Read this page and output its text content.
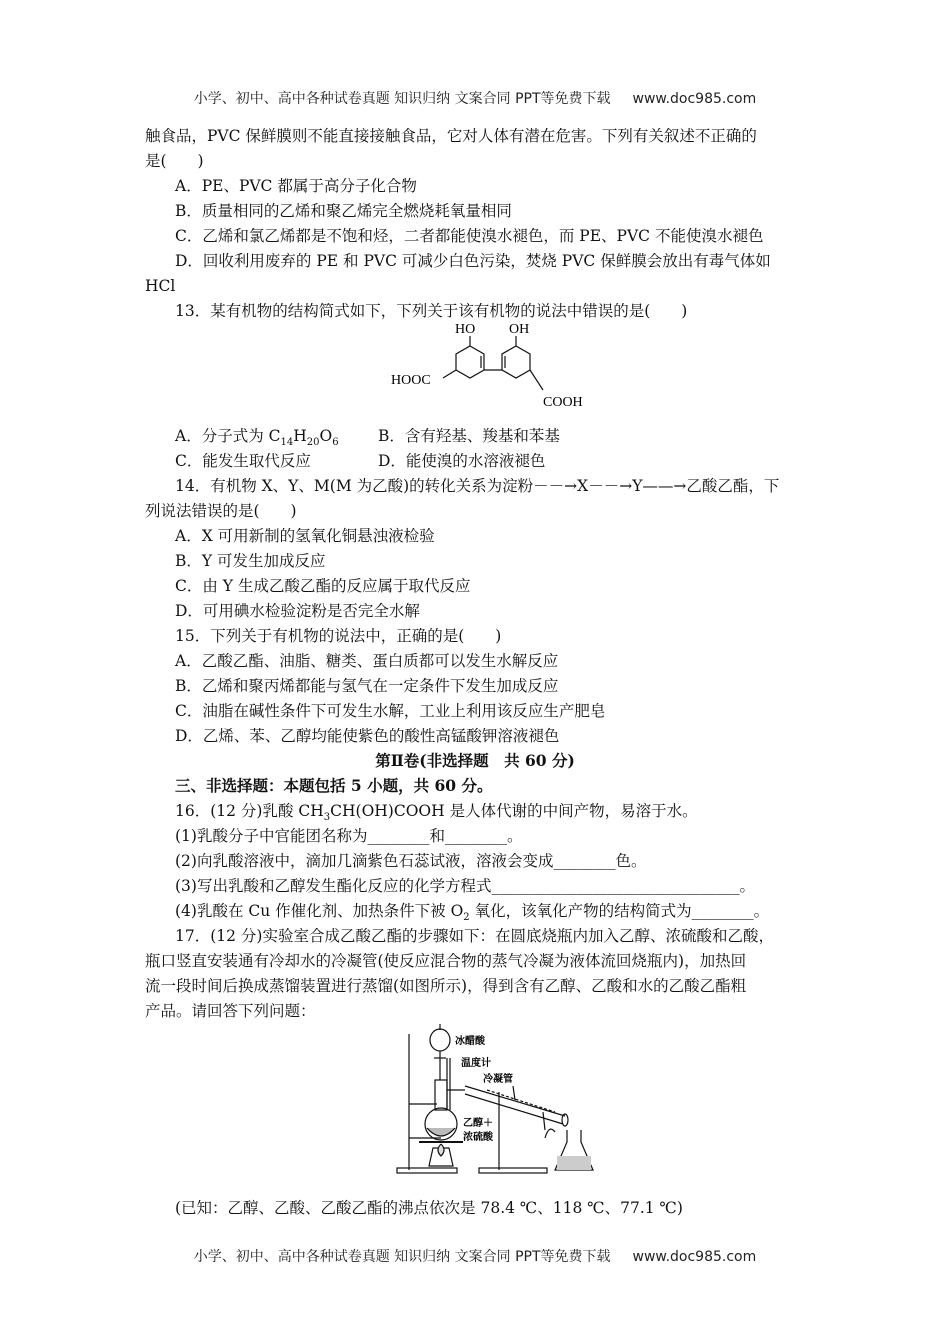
小学、初中、高中各种试卷真题 知识归纳 文案合同 PPT等免费下载 www.doc985.com
触食品，PVC 保鲜膜则不能直接接触食品，它对人体有潜在危害。下列有关叙述不正确的
是(　　)
A．PE、PVC 都属于高分子化合物
B．质量相同的乙烯和聚乙烯完全燃烧耗氧量相同
C．乙烯和氯乙烯都是不饱和烃，二者都能使溴水褪色，而 PE、PVC 不能使溴水褪色
D．回收利用废弃的 PE 和 PVC 可减少白色污染，焚烧 PVC 保鲜膜会放出有毒气体如
HCl
13．某有机物的结构简式如下，下列关于该有机物的说法中错误的是(　　)
HO OH
HOOC
COOH
A．分子式为 $C_{14}H_{20}O_6$	B．含有羟基、羧基和苯基
C．能发生取代反应	D．能使溴的水溶液褪色
14．有机物 X、Y、M(M 为乙酸)的转化关系为淀粉－－→X－－→Y——→乙酸乙酯，下
列说法错误的是(　　)
A．X 可用新制的氢氧化铜悬浊液检验
B．Y 可发生加成反应
C．由 Y 生成乙酸乙酯的反应属于取代反应
D．可用碘水检验淀粉是否完全水解
15．下列关于有机物的说法中，正确的是(　　)
A．乙酸乙酯、油脂、糖类、蛋白质都可以发生水解反应
B．乙烯和聚丙烯都能与氢气在一定条件下发生加成反应
C．油脂在碱性条件下可发生水解，工业上利用该反应生产肥皂
D．乙烯、苯、乙醇均能使紫色的酸性高锰酸钾溶液褪色
第Ⅱ卷(非选择题　共 60 分)
三、非选择题：本题包括 5 小题，共 60 分。
16．(12 分)乳酸 $CH_3CH(OH)COOH$ 是人体代谢的中间产物，易溶于水。
(1)乳酸分子中官能团名称为________和________。
(2)向乳酸溶液中，滴加几滴紫色石蕊试液，溶液会变成________色。
(3)写出乳酸和乙醇发生酯化反应的化学方程式________________________________。
(4)乳酸在 Cu 作催化剂、加热条件下被 $O_2$ 氧化，该氧化产物的结构简式为________。
17．(12 分)实验室合成乙酸乙酯的步骤如下：在圆底烧瓶内加入乙醇、浓硫酸和乙酸，
瓶口竖直安装通有冷却水的冷凝管(使反应混合物的蒸气冷凝为液体流回烧瓶内)，加热回
流一段时间后换成蒸馏装置进行蒸馏(如图所示)，得到含有乙醇、乙酸和水的乙酸乙酯粗
产品。请回答下列问题：
冰醋酸
温度计
冷凝管
乙醇＋
浓硫酸
(已知：乙醇、乙酸、乙酸乙酯的沸点依次是 78.4 ℃、118 ℃、77.1 ℃)
小学、初中、高中各种试卷真题 知识归纳 文案合同 PPT等免费下载 www.doc985.com
